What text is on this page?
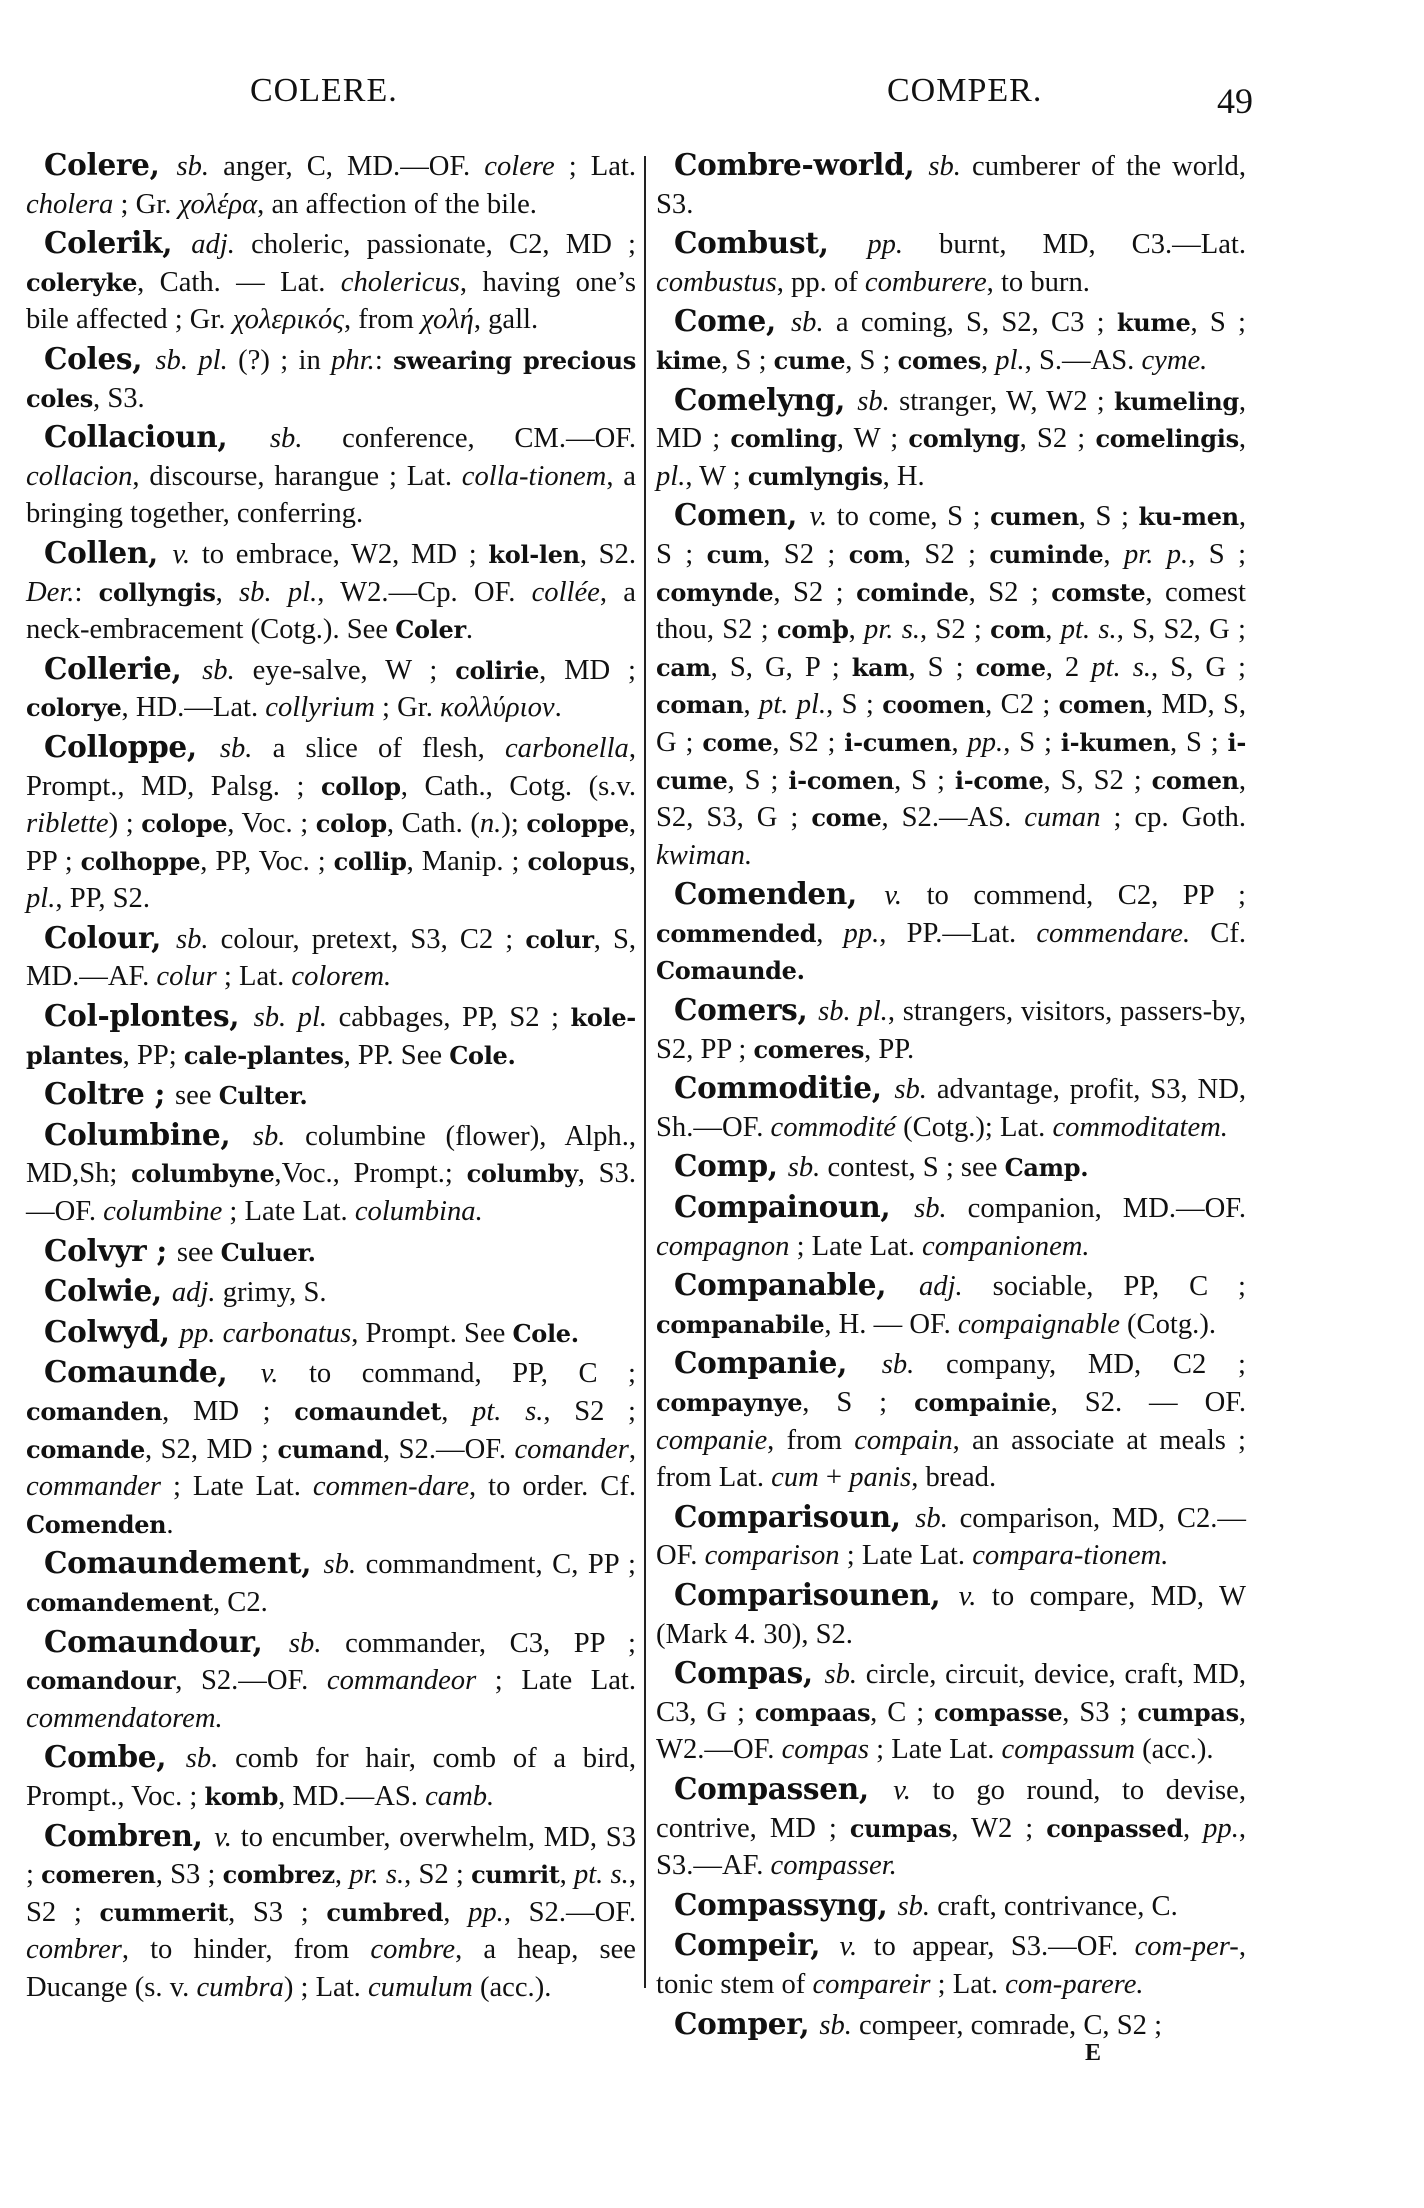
COLERE.	COMPER.	49

Colere, sb. anger, C, MD.—OF. colere ; Lat. cholera ; Gr. χολέρα, an affection of the bile.

Colerik, adj. choleric, passionate, C2, MD ; coleryke, Cath. — Lat. cholericus, having one’s bile affected ; Gr. χολερικός, from χολή, gall.

Coles, sb. pl. (?) ; in phr.: swearing precious coles, S3.

Collacioun, sb. conference, CM.—OF. collacion, discourse, harangue ; Lat. colla-tionem, a bringing together, conferring.

Collen, v. to embrace, W2, MD ; kol-len, S2. Der.: collyngis, sb. pl., W2.—Cp. OF. collée, a neck-embracement (Cotg.). See Coler.

Collerie, sb. eye-salve, W ; colirie, MD ; colorye, HD.—Lat. collyrium ; Gr. κολλύριον.

Colloppe, sb. a slice of flesh, carbonella, Prompt., MD, Palsg. ; collop, Cath., Cotg. (s.v. riblette) ; colope, Voc. ; colop, Cath. (n.); coloppe, PP ; colhoppe, PP, Voc. ; collip, Manip. ; colopus, pl., PP, S2.

Colour, sb. colour, pretext, S3, C2 ; colur, S, MD.—AF. colur ; Lat. colorem.

Col-plontes, sb. pl. cabbages, PP, S2 ; kole-plantes, PP; cale-plantes, PP. See Cole.

Coltre ; see Culter.

Columbine, sb. columbine (flower), Alph., MD,Sh; columbyne,Voc., Prompt.; columby, S3.—OF. columbine ; Late Lat. columbina.

Colvyr ; see Culuer.

Colwie, adj. grimy, S.

Colwyd, pp. carbonatus, Prompt. See Cole.

Comaunde, v. to command, PP, C ; comanden, MD ; comaundet, pt. s., S2 ; comande, S2, MD ; cumand, S2.—OF. comander, commander ; Late Lat. commen-dare, to order. Cf. Comenden.

Comaundement, sb. commandment, C, PP ; comandement, C2.

Comaundour, sb. commander, C3, PP ; comandour, S2.—OF. commandeor ; Late Lat. commendatorem.

Combe, sb. comb for hair, comb of a bird, Prompt., Voc. ; komb, MD.—AS. camb.

Combren, v. to encumber, overwhelm, MD, S3 ; comeren, S3 ; combrez, pr. s., S2 ; cumrit, pt. s., S2 ; cummerit, S3 ; cumbred, pp., S2.—OF. combrer, to hinder, from combre, a heap, see Ducange (s. v. cumbra) ; Lat. cumulum (acc.).

Combre-world, sb. cumberer of the world, S3.

Combust, pp. burnt, MD, C3.—Lat. combustus, pp. of comburere, to burn.

Come, sb. a coming, S, S2, C3 ; kume, S ; kime, S ; cume, S ; comes, pl., S.—AS. cyme.

Comelyng, sb. stranger, W, W2 ; kumeling, MD ; comling, W ; comlyng, S2 ; comelingis, pl., W ; cumlyngis, H.

Comen, v. to come, S ; cumen, S ; ku-men, S ; cum, S2 ; com, S2 ; cuminde, pr. p., S ; comynde, S2 ; cominde, S2 ; comste, comest thou, S2 ; comþ, pr. s., S2 ; com, pt. s., S, S2, G ; cam, S, G, P ; kam, S ; come, 2 pt. s., S, G ; coman, pt. pl., S ; coomen, C2 ; comen, MD, S, G ; come, S2 ; i-cumen, pp., S ; i-kumen, S ; i-cume, S ; i-comen, S ; i-come, S, S2 ; comen, S2, S3, G ; come, S2.—AS. cuman ; cp. Goth. kwiman.

Comenden, v. to commend, C2, PP ; commended, pp., PP.—Lat. commendare. Cf. Comaunde.

Comers, sb. pl., strangers, visitors, passers-by, S2, PP ; comeres, PP.

Commoditie, sb. advantage, profit, S3, ND, Sh.—OF. commodité (Cotg.); Lat. commoditatem.

Comp, sb. contest, S ; see Camp.

Compainoun, sb. companion, MD.—OF. compagnon ; Late Lat. companionem.

Companable, adj. sociable, PP, C ; companabile, H. — OF. compaignable (Cotg.).

Companie, sb. company, MD, C2 ; compaynye, S ; compainie, S2. — OF. companie, from compain, an associate at meals ; from Lat. cum + panis, bread.

Comparisoun, sb. comparison, MD, C2.—OF. comparison ; Late Lat. compara-tionem.

Comparisounen, v. to compare, MD, W (Mark 4. 30), S2.

Compas, sb. circle, circuit, device, craft, MD, C3, G ; compaas, C ; compasse, S3 ; cumpas, W2.—OF. compas ; Late Lat. compassum (acc.).

Compassen, v. to go round, to devise, contrive, MD ; cumpas, W2 ; conpassed, pp., S3.—AF. compasser.

Compassyng, sb. craft, contrivance, C.

Compeir, v. to appear, S3.—OF. com-per-, tonic stem of compareir ; Lat. com-parere.

Comper, sb. compeer, comrade, C, S2 ;

E
